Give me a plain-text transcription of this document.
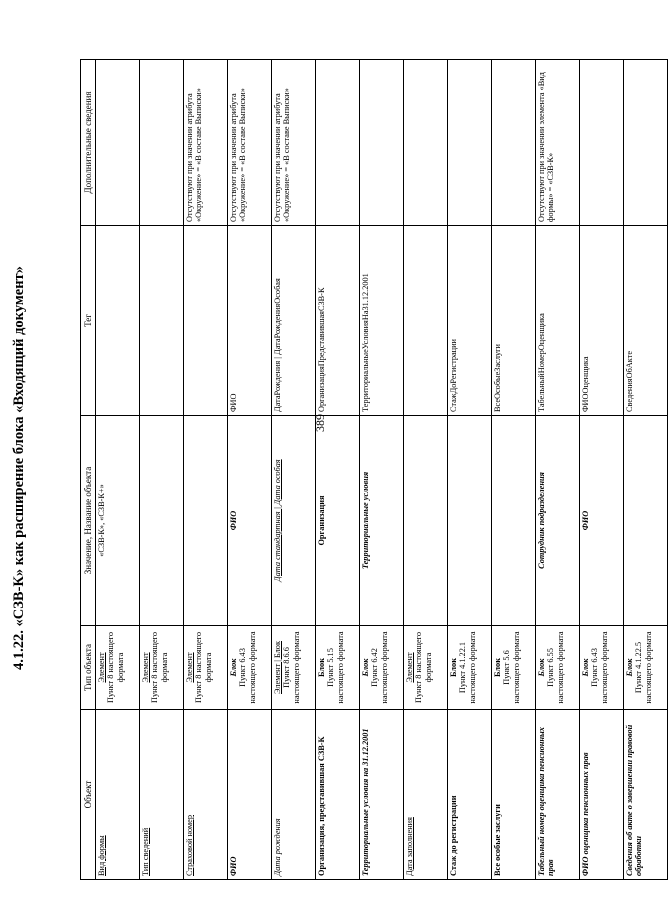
389
4.1.22. «СЗВ-К» как расширение блока «Входящий документ»
Объект	Тип объекта	Значение, Название объекта	Тег	Дополнительные сведения
Вид формы	Элемент Пункт 8 настоящего формата	«СЗВ-К», «СЗВ-К+»		
Тип сведений	Элемент Пункт 8 настоящего формата			
Страховой номер	Элемент Пункт 8 настоящего формата			Отсутствуют при значении атрибута «Окружение» = «В составе Выписки»
ФИО	Блок Пункт 6.43 настоящего формата	ФИО	ФИО	Отсутствуют при значении атрибута «Окружение» = «В составе Выписки»
Дата рождения	Элемент | Блок Пункт 8.6.6 настоящего формата	Дата стандартная | Дата особая	ДатаРождения | ДатаРожденияОсобая	Отсутствуют при значении атрибута «Окружение» = «В составе Выписки»
Организация, представившая СЗВ-К	Блок Пункт 5.15 настоящего формата	Организация	ОрганизацияПредставившаяСЗВ-К	
Территориальные условия на 31.12.2001	Блок Пункт 6.42 настоящего формата	Территориальные условия	ТерриториальныеУсловияНа31.12.2001	
Дата заполнения	Элемент Пункт 8 настоящего формата			
Стаж до регистрации	Блок Пункт 4.1.22.1 настоящего формата		СтажДоРегистрации	
Все особые заслуги	Блок Пункт 5.6 настоящего формата		ВсеОсобыеЗаслуги	
Табельный номер оценщика пенсионных прав	Блок Пункт 6.55 настоящего формата	Сотрудник подразделения	ТабельныйНомерОценщика	Отсутствуют при значении элемента «Вид формы» = «СЗВ-К»
ФИО оценщика пенсионных прав	Блок Пункт 6.43 настоящего формата	ФИО	ФИООценщика	
Сведения об акте о завершении правовой обработки	Блок Пункт 4.1.22.5 настоящего формата		СведенияОбАкте	
